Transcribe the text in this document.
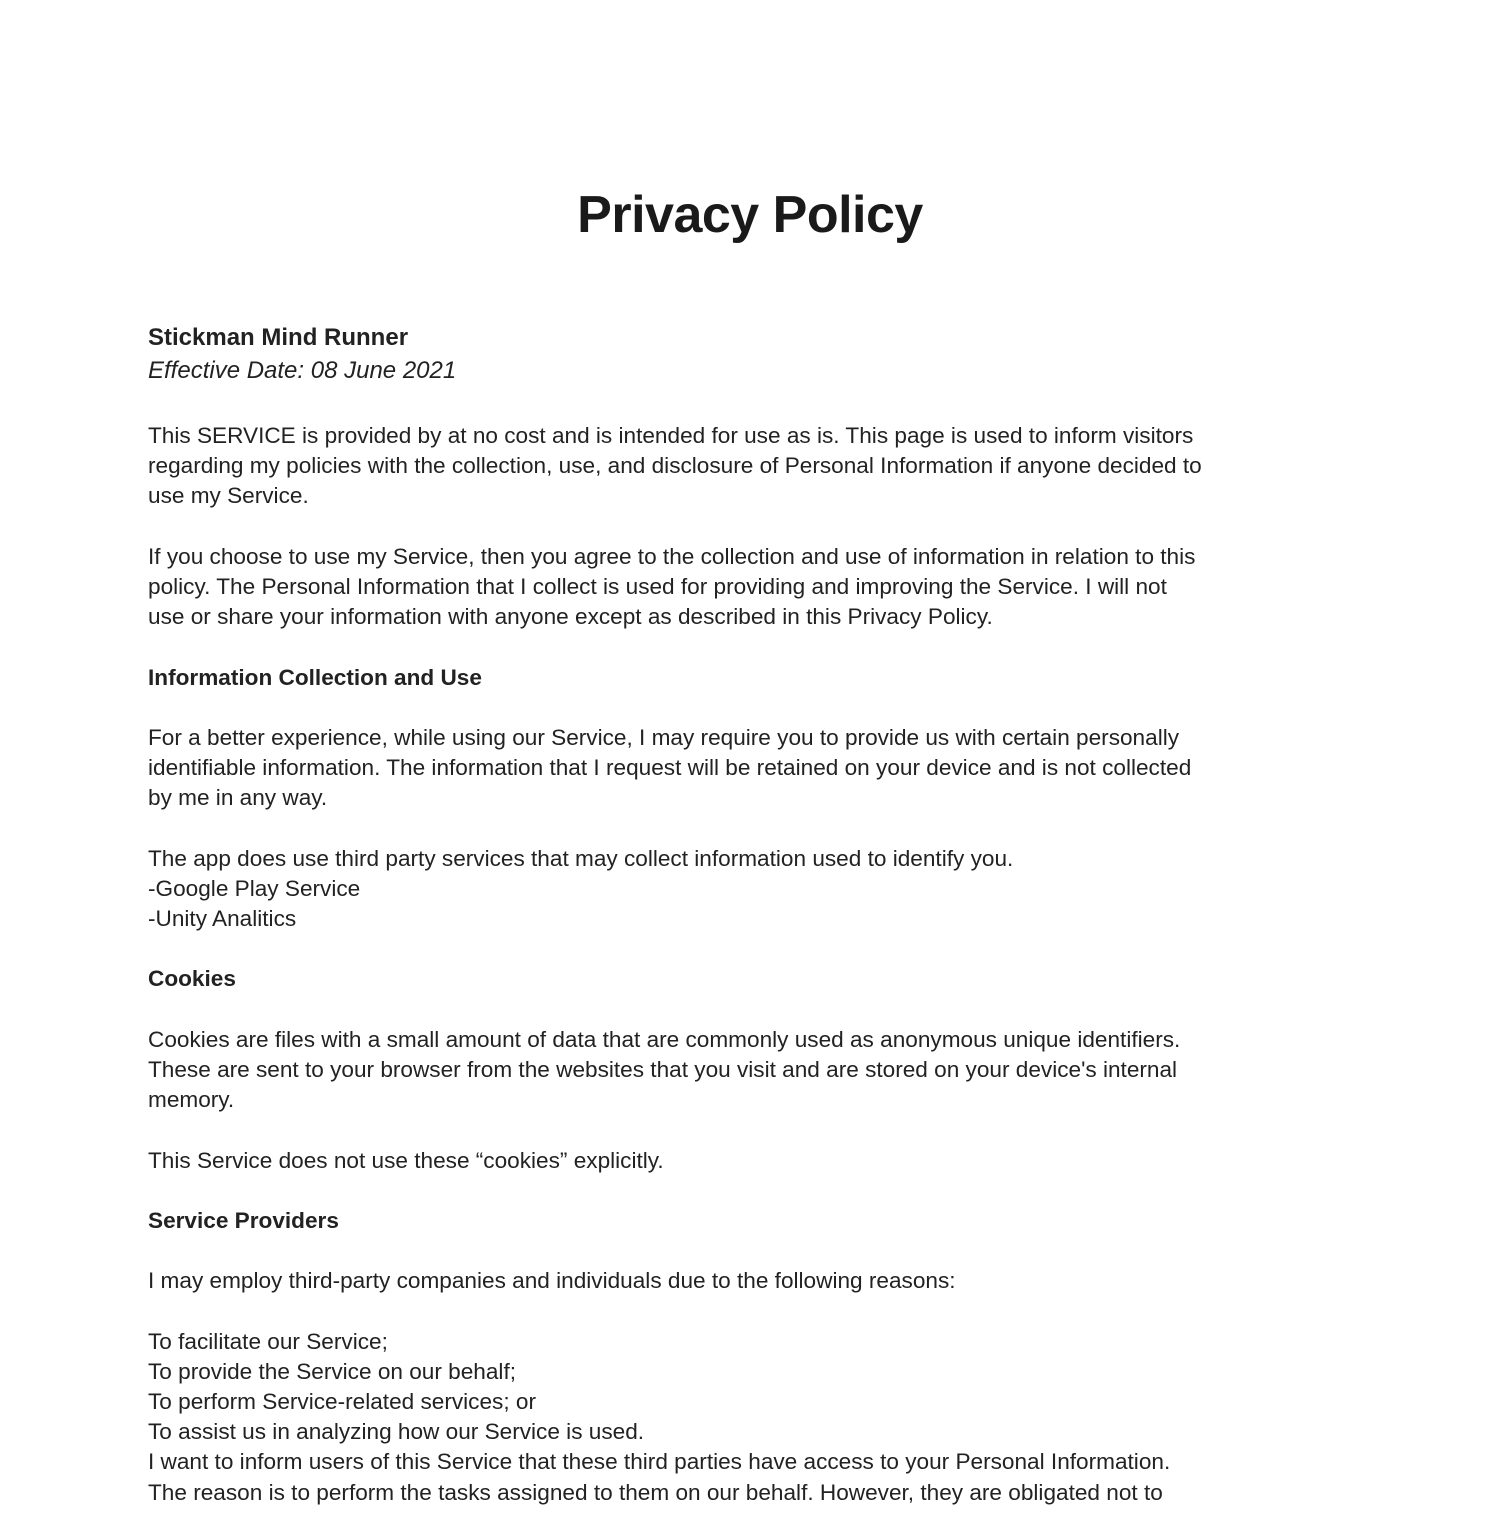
Privacy Policy
Stickman Mind Runner
Effective Date: 08 June 2021
This SERVICE is provided by at no cost and is intended for use as is. This page is used to inform visitors
regarding my policies with the collection, use, and disclosure of Personal Information if anyone decided to
use my Service.
If you choose to use my Service, then you agree to the collection and use of information in relation to this
policy. The Personal Information that I collect is used for providing and improving the Service. I will not
use or share your information with anyone except as described in this Privacy Policy.
Information Collection and Use
For a better experience, while using our Service, I may require you to provide us with certain personally
identifiable information. The information that I request will be retained on your device and is not collected
by me in any way.
The app does use third party services that may collect information used to identify you.
-Google Play Service
-Unity Analitics
Cookies
Cookies are files with a small amount of data that are commonly used as anonymous unique identifiers.
These are sent to your browser from the websites that you visit and are stored on your device's internal
memory.
This Service does not use these “cookies” explicitly.
Service Providers
I may employ third-party companies and individuals due to the following reasons:
To facilitate our Service;
To provide the Service on our behalf;
To perform Service-related services; or
To assist us in analyzing how our Service is used.
I want to inform users of this Service that these third parties have access to your Personal Information.
The reason is to perform the tasks assigned to them on our behalf. However, they are obligated not to
